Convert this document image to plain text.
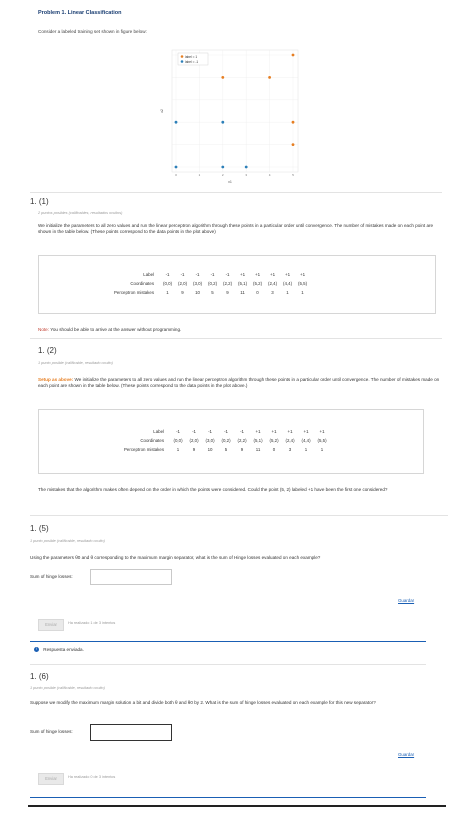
Problem 1. Linear Classification
Consider a labeled training set shown in figure below:
0	1	2	3	4	5
label = 1
label = -1
x1
x2
1. (1)
2 puntos posibles (calificables, resultados ocultos)
We initialize the parameters to all zero values and run the linear perceptron algorithm through these points in a particular order until convergence. The number of mistakes made on each point are shown in the table below. (These points correspond to the data points in the plot above)
Label	-1	-1	-1	-1	-1	+1	+1	+1	+1	+1
Coordinates	(0,0)	(2,0)	(3,0)	(0,2)	(2,2)	(5,1)	(5,2)	(2,4)	(4,4)	(5,5)
Perceptron mistakes	1	9	10	5	9	11	0	3	1	1
Note: You should be able to arrive at the answer without programming.
1. (2)
1 punto posible (calificable, resultado oculto)
Setup as above: We initialize the parameters to all zero values and run the linear perceptron algorithm through these points in a particular order until convergence. The number of mistakes made on each point are shown in the table below. (These points correspond to the data points in the plot above.)
Label	-1	-1	-1	-1	-1	+1	+1	+1	+1	+1
Coordinates	(0,0)	(2,0)	(3,0)	(0,2)	(2,2)	(5,1)	(5,2)	(2,4)	(4,4)	(5,5)
Perceptron mistakes	1	9	10	5	9	11	0	3	1	1
The mistakes that the algorithm makes often depend on the order in which the points were considered. Could the point (5, 2) labeled +1 have been the first one considered?
1. (5)
1 punto posible (calificable, resultado oculto)
Using the parameters θ0 and θ corresponding to the maximum margin separator, what is the sum of Hinge losses evaluated on each example?
Sum of hinge losses:
Guardar
Enviar	Ha realizado 1 de 3 intentos
! Respuesta enviada.
1. (6)
1 punto posible (calificable, resultado oculto)
Suppose we modify the maximum margin solution a bit and divide both θ and θ0 by 2. What is the sum of hinge losses evaluated on each example for this new separator?
Sum of hinge losses:
Guardar
Enviar	Ha realizado 0 de 3 intentos
